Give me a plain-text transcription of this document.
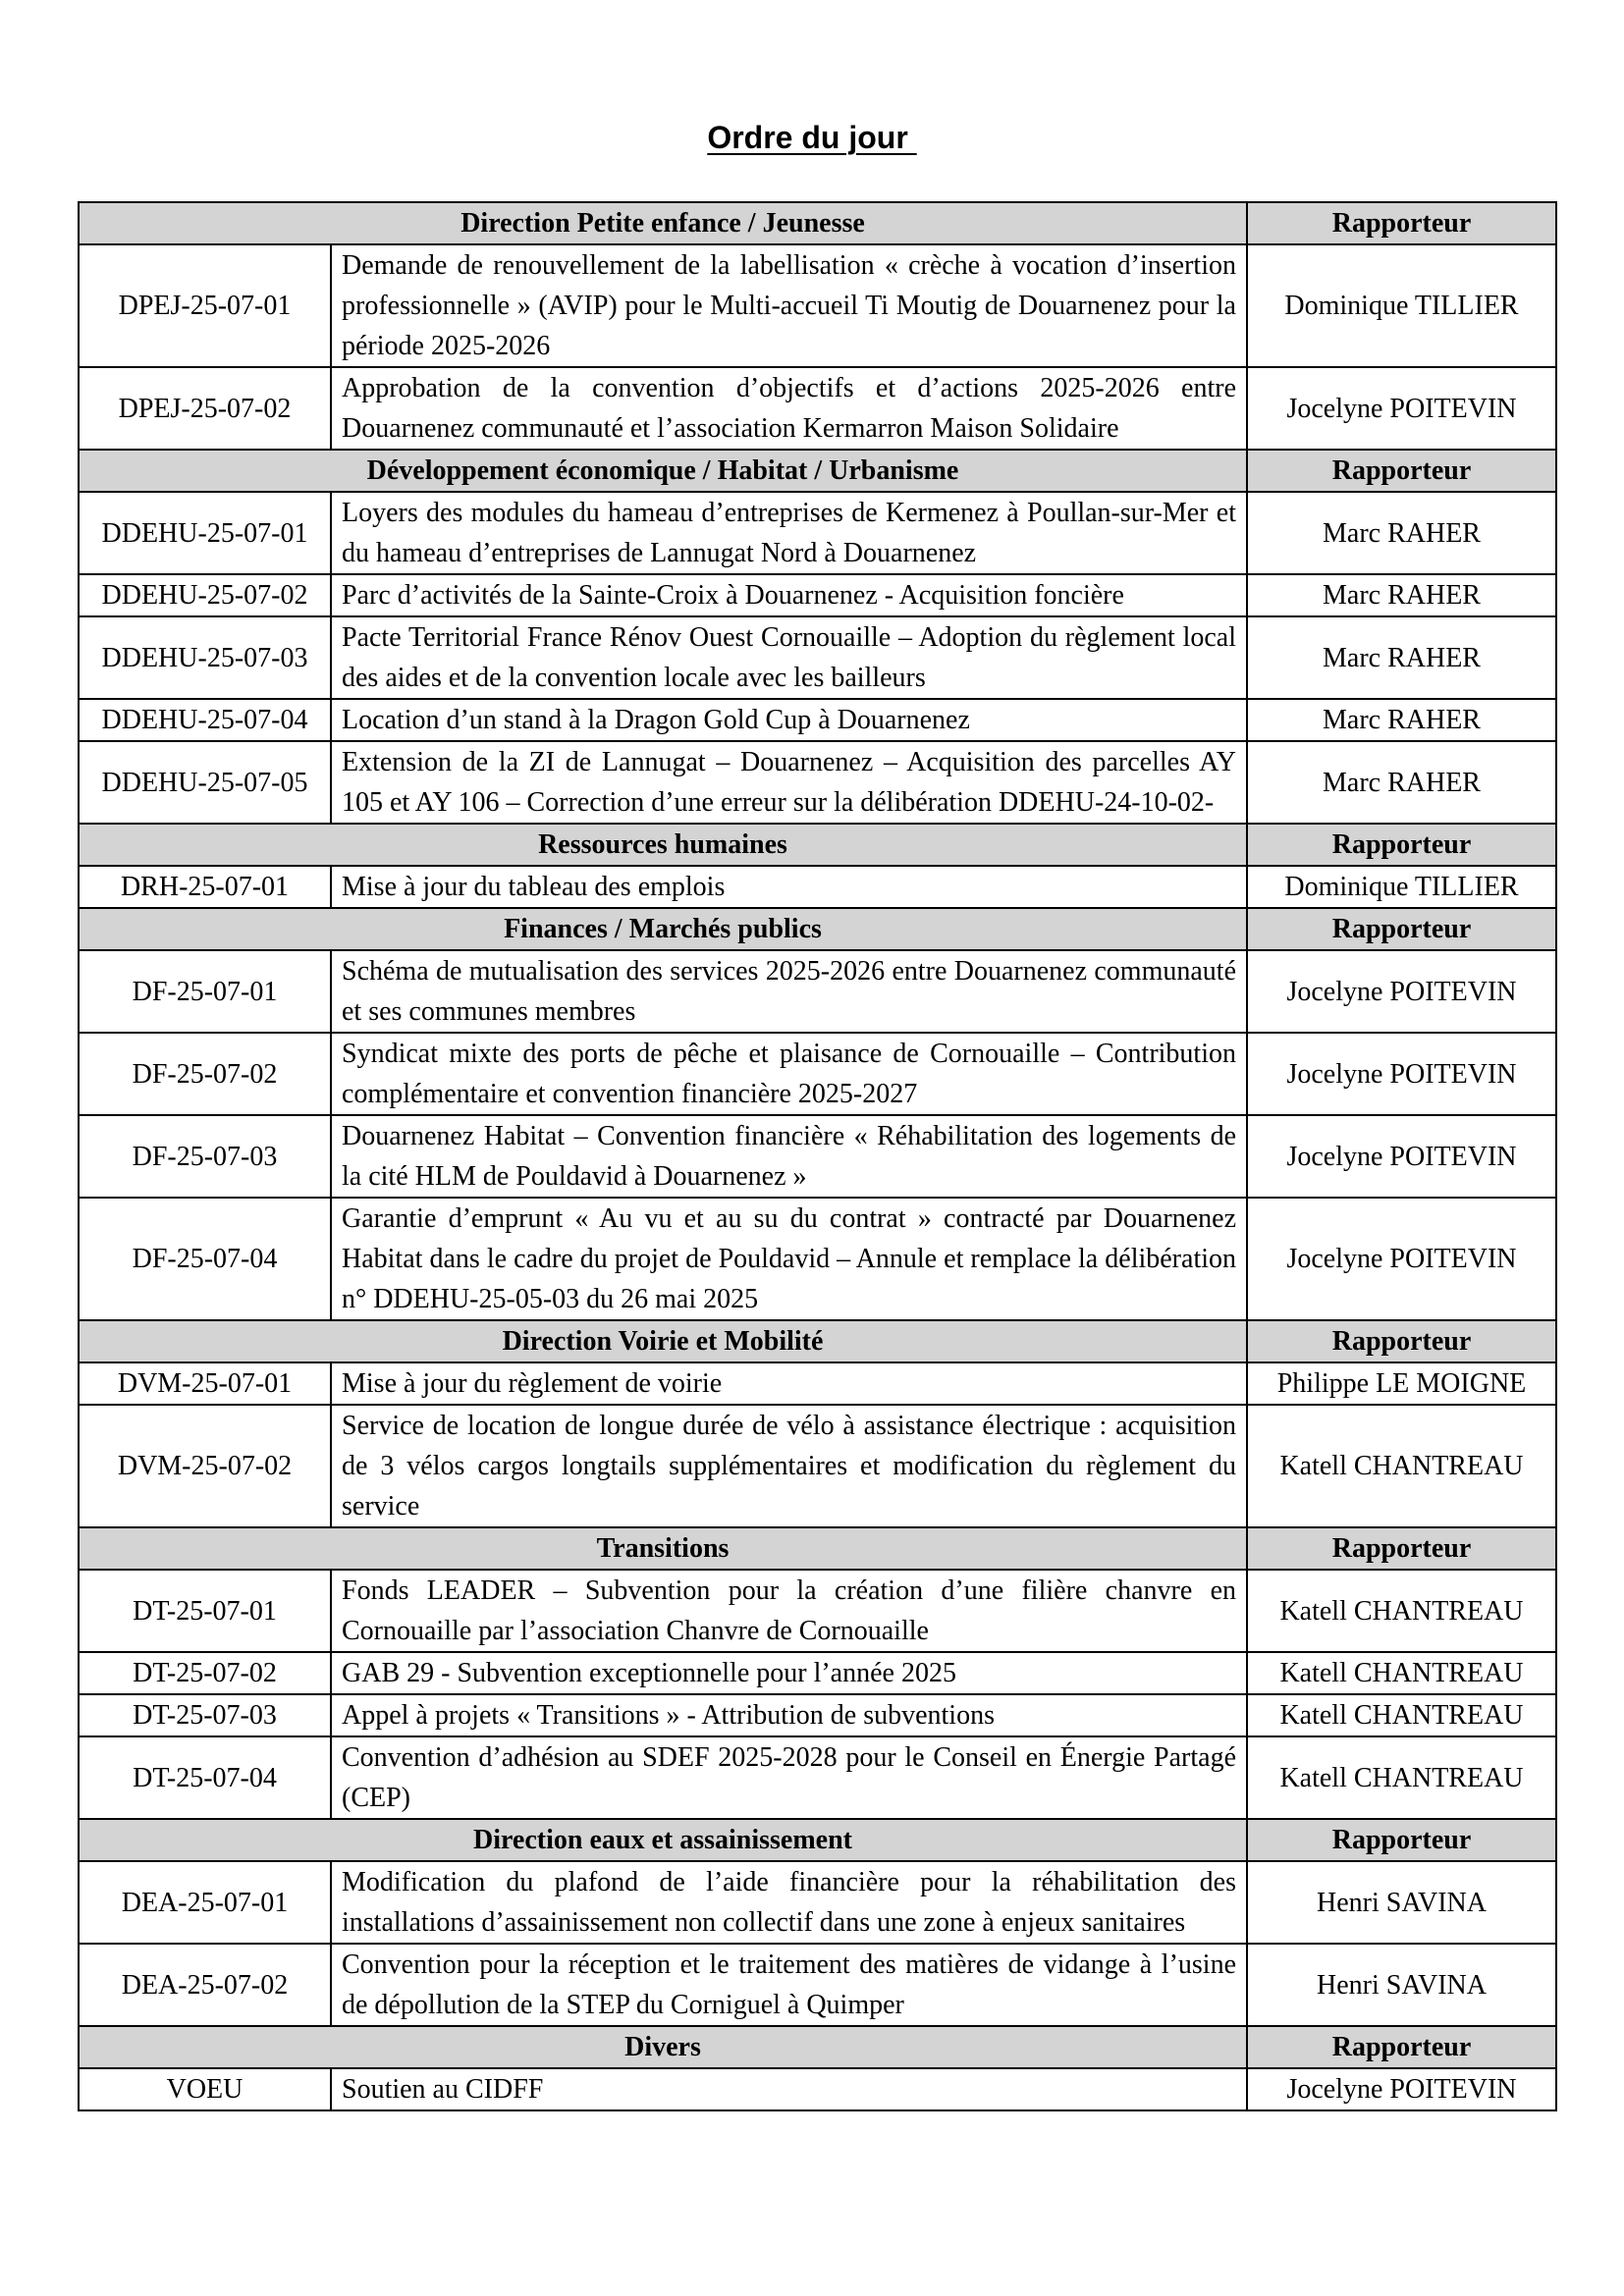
Ordre du jour
Direction Petite enfance / Jeunesse		Rapporteur
DPEJ-25-07-01	Demande de renouvellement de la labellisation « crèche à vocation d’insertion professionnelle » (AVIP) pour le Multi-accueil Ti Moutig de Douarnenez pour la période 2025-2026	Dominique TILLIER
DPEJ-25-07-02	Approbation de la convention d’objectifs et d’actions 2025-2026 entre Douarnenez communauté et l’association Kermarron Maison Solidaire	Jocelyne POITEVIN
Développement économique / Habitat / Urbanisme		Rapporteur
DDEHU-25-07-01	Loyers des modules du hameau d’entreprises de Kermenez à Poullan-sur-Mer et du hameau d’entreprises de Lannugat Nord à Douarnenez	Marc RAHER
DDEHU-25-07-02	Parc d’activités de la Sainte-Croix à Douarnenez - Acquisition foncière	Marc RAHER
DDEHU-25-07-03	Pacte Territorial France Rénov Ouest Cornouaille – Adoption du règlement local des aides et de la convention locale avec les bailleurs	Marc RAHER
DDEHU-25-07-04	Location d’un stand à la Dragon Gold Cup à Douarnenez	Marc RAHER
DDEHU-25-07-05	Extension de la ZI de Lannugat – Douarnenez – Acquisition des parcelles AY 105 et AY 106 – Correction d’une erreur sur la délibération DDEHU-24-10-02-	Marc RAHER
Ressources humaines		Rapporteur
DRH-25-07-01	Mise à jour du tableau des emplois	Dominique TILLIER
Finances / Marchés publics		Rapporteur
DF-25-07-01	Schéma de mutualisation des services 2025-2026 entre Douarnenez communauté et ses communes membres	Jocelyne POITEVIN
DF-25-07-02	Syndicat mixte des ports de pêche et plaisance de Cornouaille – Contribution complémentaire et convention financière 2025-2027	Jocelyne POITEVIN
DF-25-07-03	Douarnenez Habitat – Convention financière « Réhabilitation des logements de la cité HLM de Pouldavid à Douarnenez »	Jocelyne POITEVIN
DF-25-07-04	Garantie d’emprunt « Au vu et au su du contrat » contracté par Douarnenez Habitat dans le cadre du projet de Pouldavid – Annule et remplace la délibération n° DDEHU-25-05-03 du 26 mai 2025	Jocelyne POITEVIN
Direction Voirie et Mobilité		Rapporteur
DVM-25-07-01	Mise à jour du règlement de voirie	Philippe LE MOIGNE
DVM-25-07-02	Service de location de longue durée de vélo à assistance électrique : acquisition de 3 vélos cargos longtails supplémentaires et modification du règlement du service	Katell CHANTREAU
Transitions		Rapporteur
DT-25-07-01	Fonds LEADER – Subvention pour la création d’une filière chanvre en Cornouaille par l’association Chanvre de Cornouaille	Katell CHANTREAU
DT-25-07-02	GAB 29 - Subvention exceptionnelle pour l’année 2025	Katell CHANTREAU
DT-25-07-03	Appel à projets « Transitions » - Attribution de subventions	Katell CHANTREAU
DT-25-07-04	Convention d’adhésion au SDEF 2025-2028 pour le Conseil en Énergie Partagé (CEP)	Katell CHANTREAU
Direction eaux et assainissement		Rapporteur
DEA-25-07-01	Modification du plafond de l’aide financière pour la réhabilitation des installations d’assainissement non collectif dans une zone à enjeux sanitaires	Henri SAVINA
DEA-25-07-02	Convention pour la réception et le traitement des matières de vidange à l’usine de dépollution de la STEP du Corniguel à Quimper	Henri SAVINA
Divers		Rapporteur
VOEU	Soutien au CIDFF	Jocelyne POITEVIN
